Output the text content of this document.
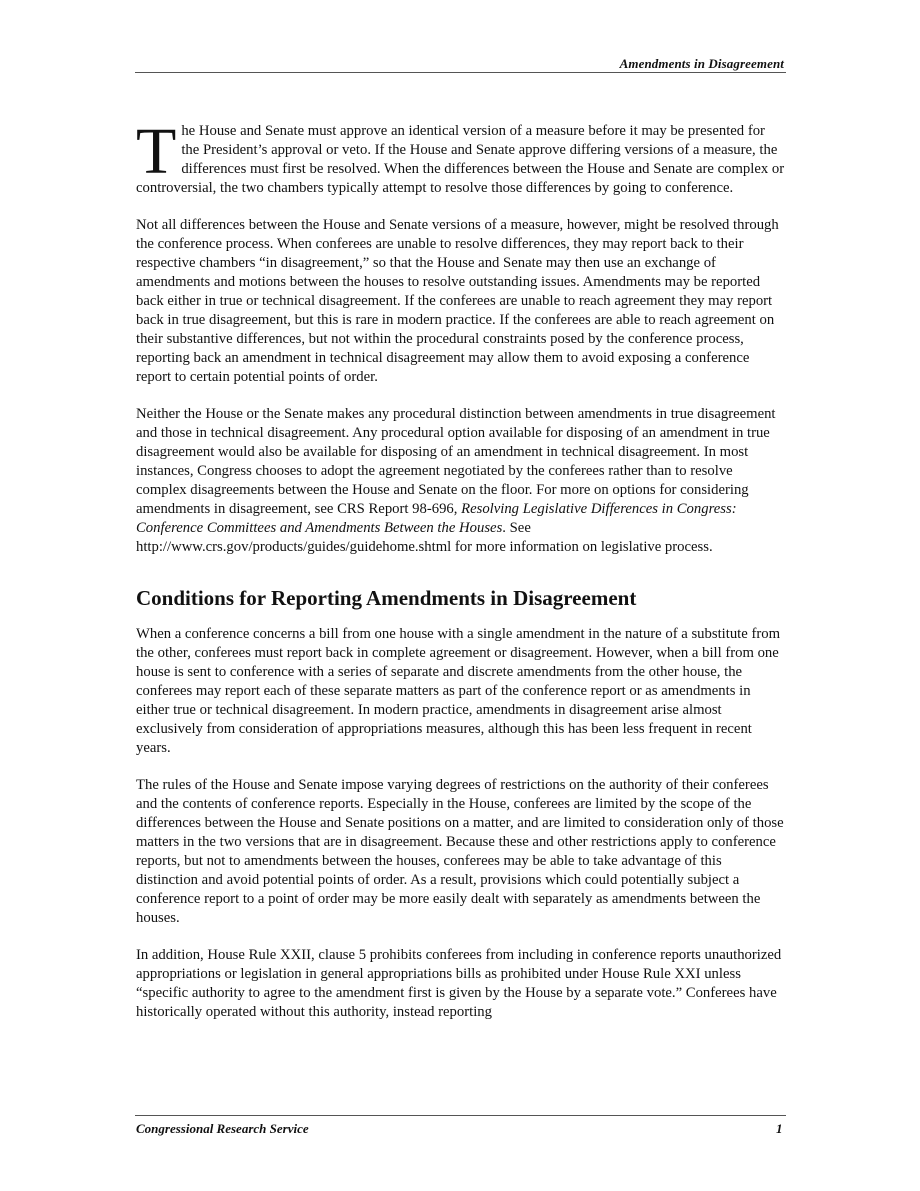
Amendments in Disagreement

The House and Senate must approve an identical version of a measure before it may be presented for the President’s approval or veto. If the House and Senate approve differing versions of a measure, the differences must first be resolved. When the differences between the House and Senate are complex or controversial, the two chambers typically attempt to resolve those differences by going to conference.

Not all differences between the House and Senate versions of a measure, however, might be resolved through the conference process. When conferees are unable to resolve differences, they may report back to their respective chambers “in disagreement,” so that the House and Senate may then use an exchange of amendments and motions between the houses to resolve outstanding issues. Amendments may be reported back either in true or technical disagreement. If the conferees are unable to reach agreement they may report back in true disagreement, but this is rare in modern practice. If the conferees are able to reach agreement on their substantive differences, but not within the procedural constraints posed by the conference process, reporting back an amendment in technical disagreement may allow them to avoid exposing a conference report to certain potential points of order.

Neither the House or the Senate makes any procedural distinction between amendments in true disagreement and those in technical disagreement. Any procedural option available for disposing of an amendment in true disagreement would also be available for disposing of an amendment in technical disagreement. In most instances, Congress chooses to adopt the agreement negotiated by the conferees rather than to resolve complex disagreements between the House and Senate on the floor. For more on options for considering amendments in disagreement, see CRS Report 98-696, Resolving Legislative Differences in Congress: Conference Committees and Amendments Between the Houses. See http://www.crs.gov/products/guides/guidehome.shtml for more information on legislative process.

Conditions for Reporting Amendments in Disagreement

When a conference concerns a bill from one house with a single amendment in the nature of a substitute from the other, conferees must report back in complete agreement or disagreement. However, when a bill from one house is sent to conference with a series of separate and discrete amendments from the other house, the conferees may report each of these separate matters as part of the conference report or as amendments in either true or technical disagreement. In modern practice, amendments in disagreement arise almost exclusively from consideration of appropriations measures, although this has been less frequent in recent years.

The rules of the House and Senate impose varying degrees of restrictions on the authority of their conferees and the contents of conference reports. Especially in the House, conferees are limited by the scope of the differences between the House and Senate positions on a matter, and are limited to consideration only of those matters in the two versions that are in disagreement. Because these and other restrictions apply to conference reports, but not to amendments between the houses, conferees may be able to take advantage of this distinction and avoid potential points of order. As a result, provisions which could potentially subject a conference report to a point of order may be more easily dealt with separately as amendments between the houses.

In addition, House Rule XXII, clause 5 prohibits conferees from including in conference reports unauthorized appropriations or legislation in general appropriations bills as prohibited under House Rule XXI unless “specific authority to agree to the amendment first is given by the House by a separate vote.” Conferees have historically operated without this authority, instead reporting

Congressional Research Service	1
